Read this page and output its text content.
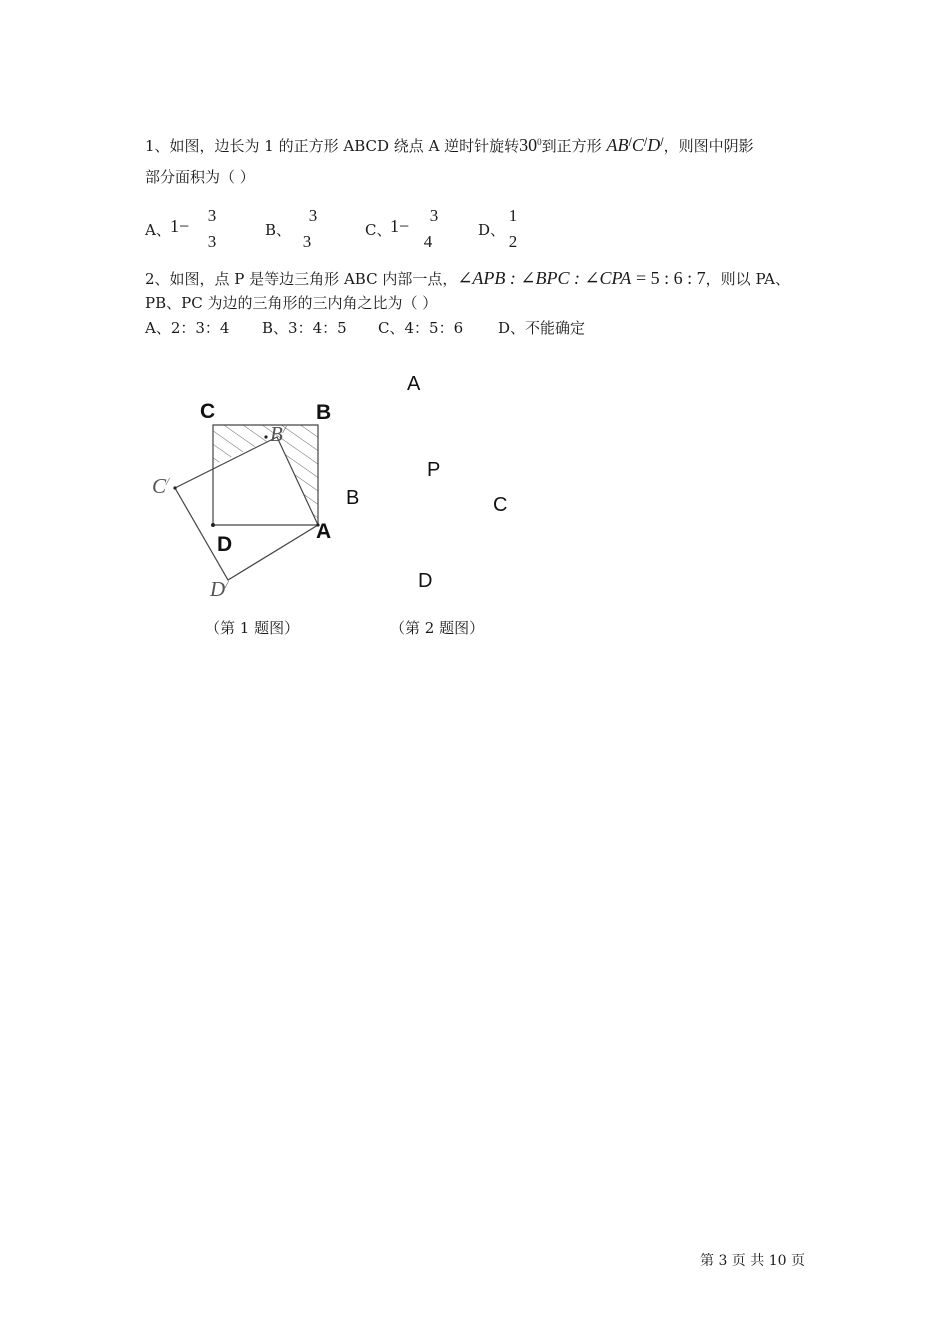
1、如图，边长为 1 的正方形 ABCD 绕点 A 逆时针旋转$30^0$到正方形 AB/C/D/，则图中阴影
部分面积为（ ）
A、 1−
3
3
B、
3
3
C、
1−
3
4
D、
1
2
2、如图，点 P 是等边三角形 ABC 内部一点，∠APB : ∠BPC : ∠CPA = 5 : 6 : 7，则以 PA、
PB、PC 为边的三角形的三内角之比为（ ）
A、2：3：4 B、3：4：5 C、4：5：6 D、不能确定
C	B
D
A
B/
C/
D/
（第 1 题图）
A
P
B	C
D
（第 2 题图）
第 3 页 共 10 页
